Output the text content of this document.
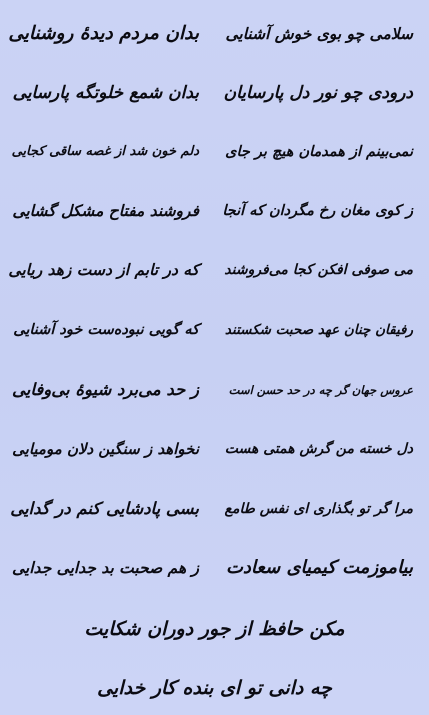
سلامی چو بوی خوش آشنایی
بدان مردم دیدهٔ روشنایی
درودی چو نور دل پارسایان
بدان شمع خلوتگه پارسایی
نمی‌بینم از همدمان هیچ بر جای
دلم خون شد از غصه ساقی کجایی
ز کوی مغان رخ مگردان که آنجا
فروشند مفتاح مشکل گشایی
می صوفی افکن کجا می‌فروشند
که در تابم از دست زهد ریایی
رفیقان چنان عهد صحبت شکستند
که گویی نبوده‌ست خود آشنایی
عروس جهان گر چه در حد حسن است
ز حد می‌برد شیوهٔ بی‌وفایی
دل خسته من گرش همتی هست
نخواهد ز سنگین دلان مومیایی
مرا گر تو بگذاری ای نفس طامع
بسی پادشایی کنم در گدایی
بیاموزمت کیمیای سعادت
ز هم صحبت بد جدایی جدایی
مکن حافظ از جور دوران شکایت
چه دانی تو ای بنده کار خدایی
